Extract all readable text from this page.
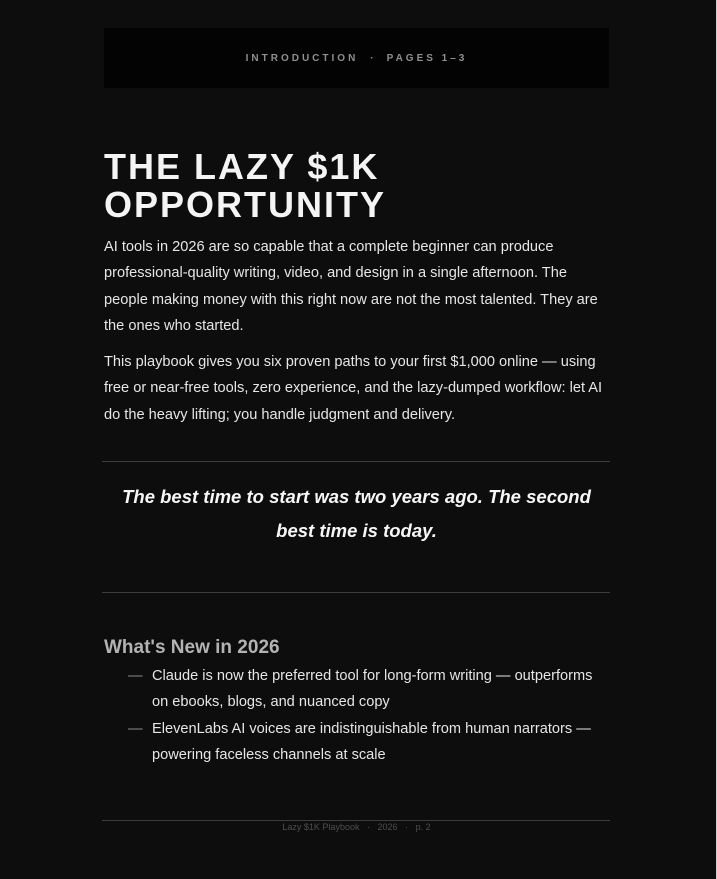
INTRODUCTION · PAGES 1–3
THE LAZY $1K
OPPORTUNITY

AI tools in 2026 are so capable that a complete beginner can produce professional-quality writing, video, and design in a single afternoon. The people making money with this right now are not the most talented. They are the ones who started.

This playbook gives you six proven paths to your first $1,000 online — using free or near-free tools, zero experience, and the lazy-dumped workflow: let AI do the heavy lifting; you handle judgment and delivery.

The best time to start was two years ago. The second best time is today.
What's New in 2026
— Claude is now the preferred tool for long-form writing — outperforms on ebooks, blogs, and nuanced copy
— ElevenLabs AI voices are indistinguishable from human narrators — powering faceless channels at scale
Lazy $1K Playbook · 2026 · p. 2
